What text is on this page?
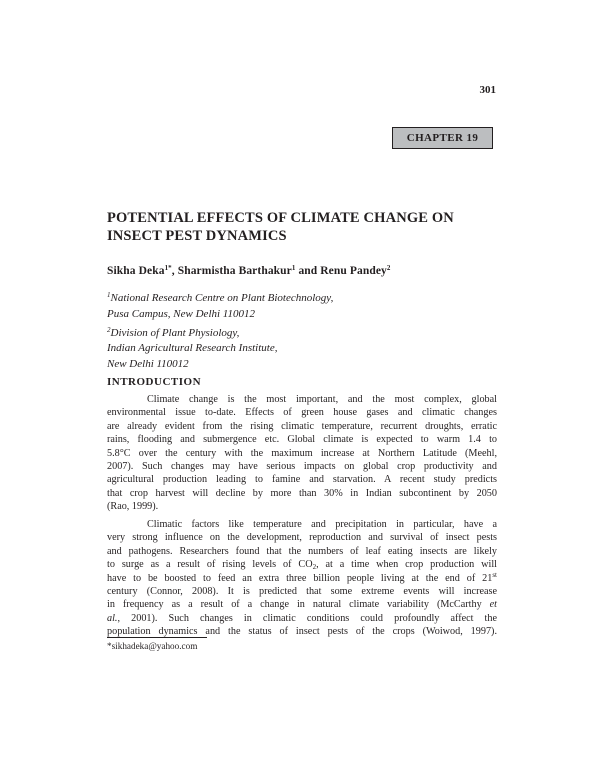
301
CHAPTER 19
POTENTIAL EFFECTS OF CLIMATE CHANGE ON
INSECT PEST DYNAMICS
Sikha Deka$^{1*}$, Sharmistha Barthakur$^1$ and Renu Pandey$^2$
$^1$National Research Centre on Plant Biotechnology,
Pusa Campus, New Delhi 110012
$^2$Division of Plant Physiology,
Indian Agricultural Research Institute,
New Delhi 110012
INTRODUCTION
Climate change is the most important, and the most complex, global
environmental issue to-date. Effects of green house gases and climatic changes
are already evident from the rising climatic temperature, recurrent droughts, erratic
rains, flooding and submergence etc. Global climate is expected to warm 1.4 to
5.8°C over the century with the maximum increase at Northern Latitude (Meehl,
2007). Such changes may have serious impacts on global crop productivity and
agricultural production leading to famine and starvation. A recent study predicts
that crop harvest will decline by more than 30% in Indian subcontinent by 2050
(Rao, 1999).
Climatic factors like temperature and precipitation in particular, have a
very strong influence on the development, reproduction and survival of insect pests
and pathogens. Researchers found that the numbers of leaf eating insects are likely
to surge as a result of rising levels of $CO_2$, at a time when crop production will
have to be boosted to feed an extra three billion people living at the end of 21st
century (Connor, 2008). It is predicted that some extreme events will increase
in frequency as a result of a change in natural climate variability (McCarthy et
al., 2001). Such changes in climatic conditions could profoundly affect the
population dynamics and the status of insect pests of the crops (Woiwod, 1997).
*sikhadeka@yahoo.com
